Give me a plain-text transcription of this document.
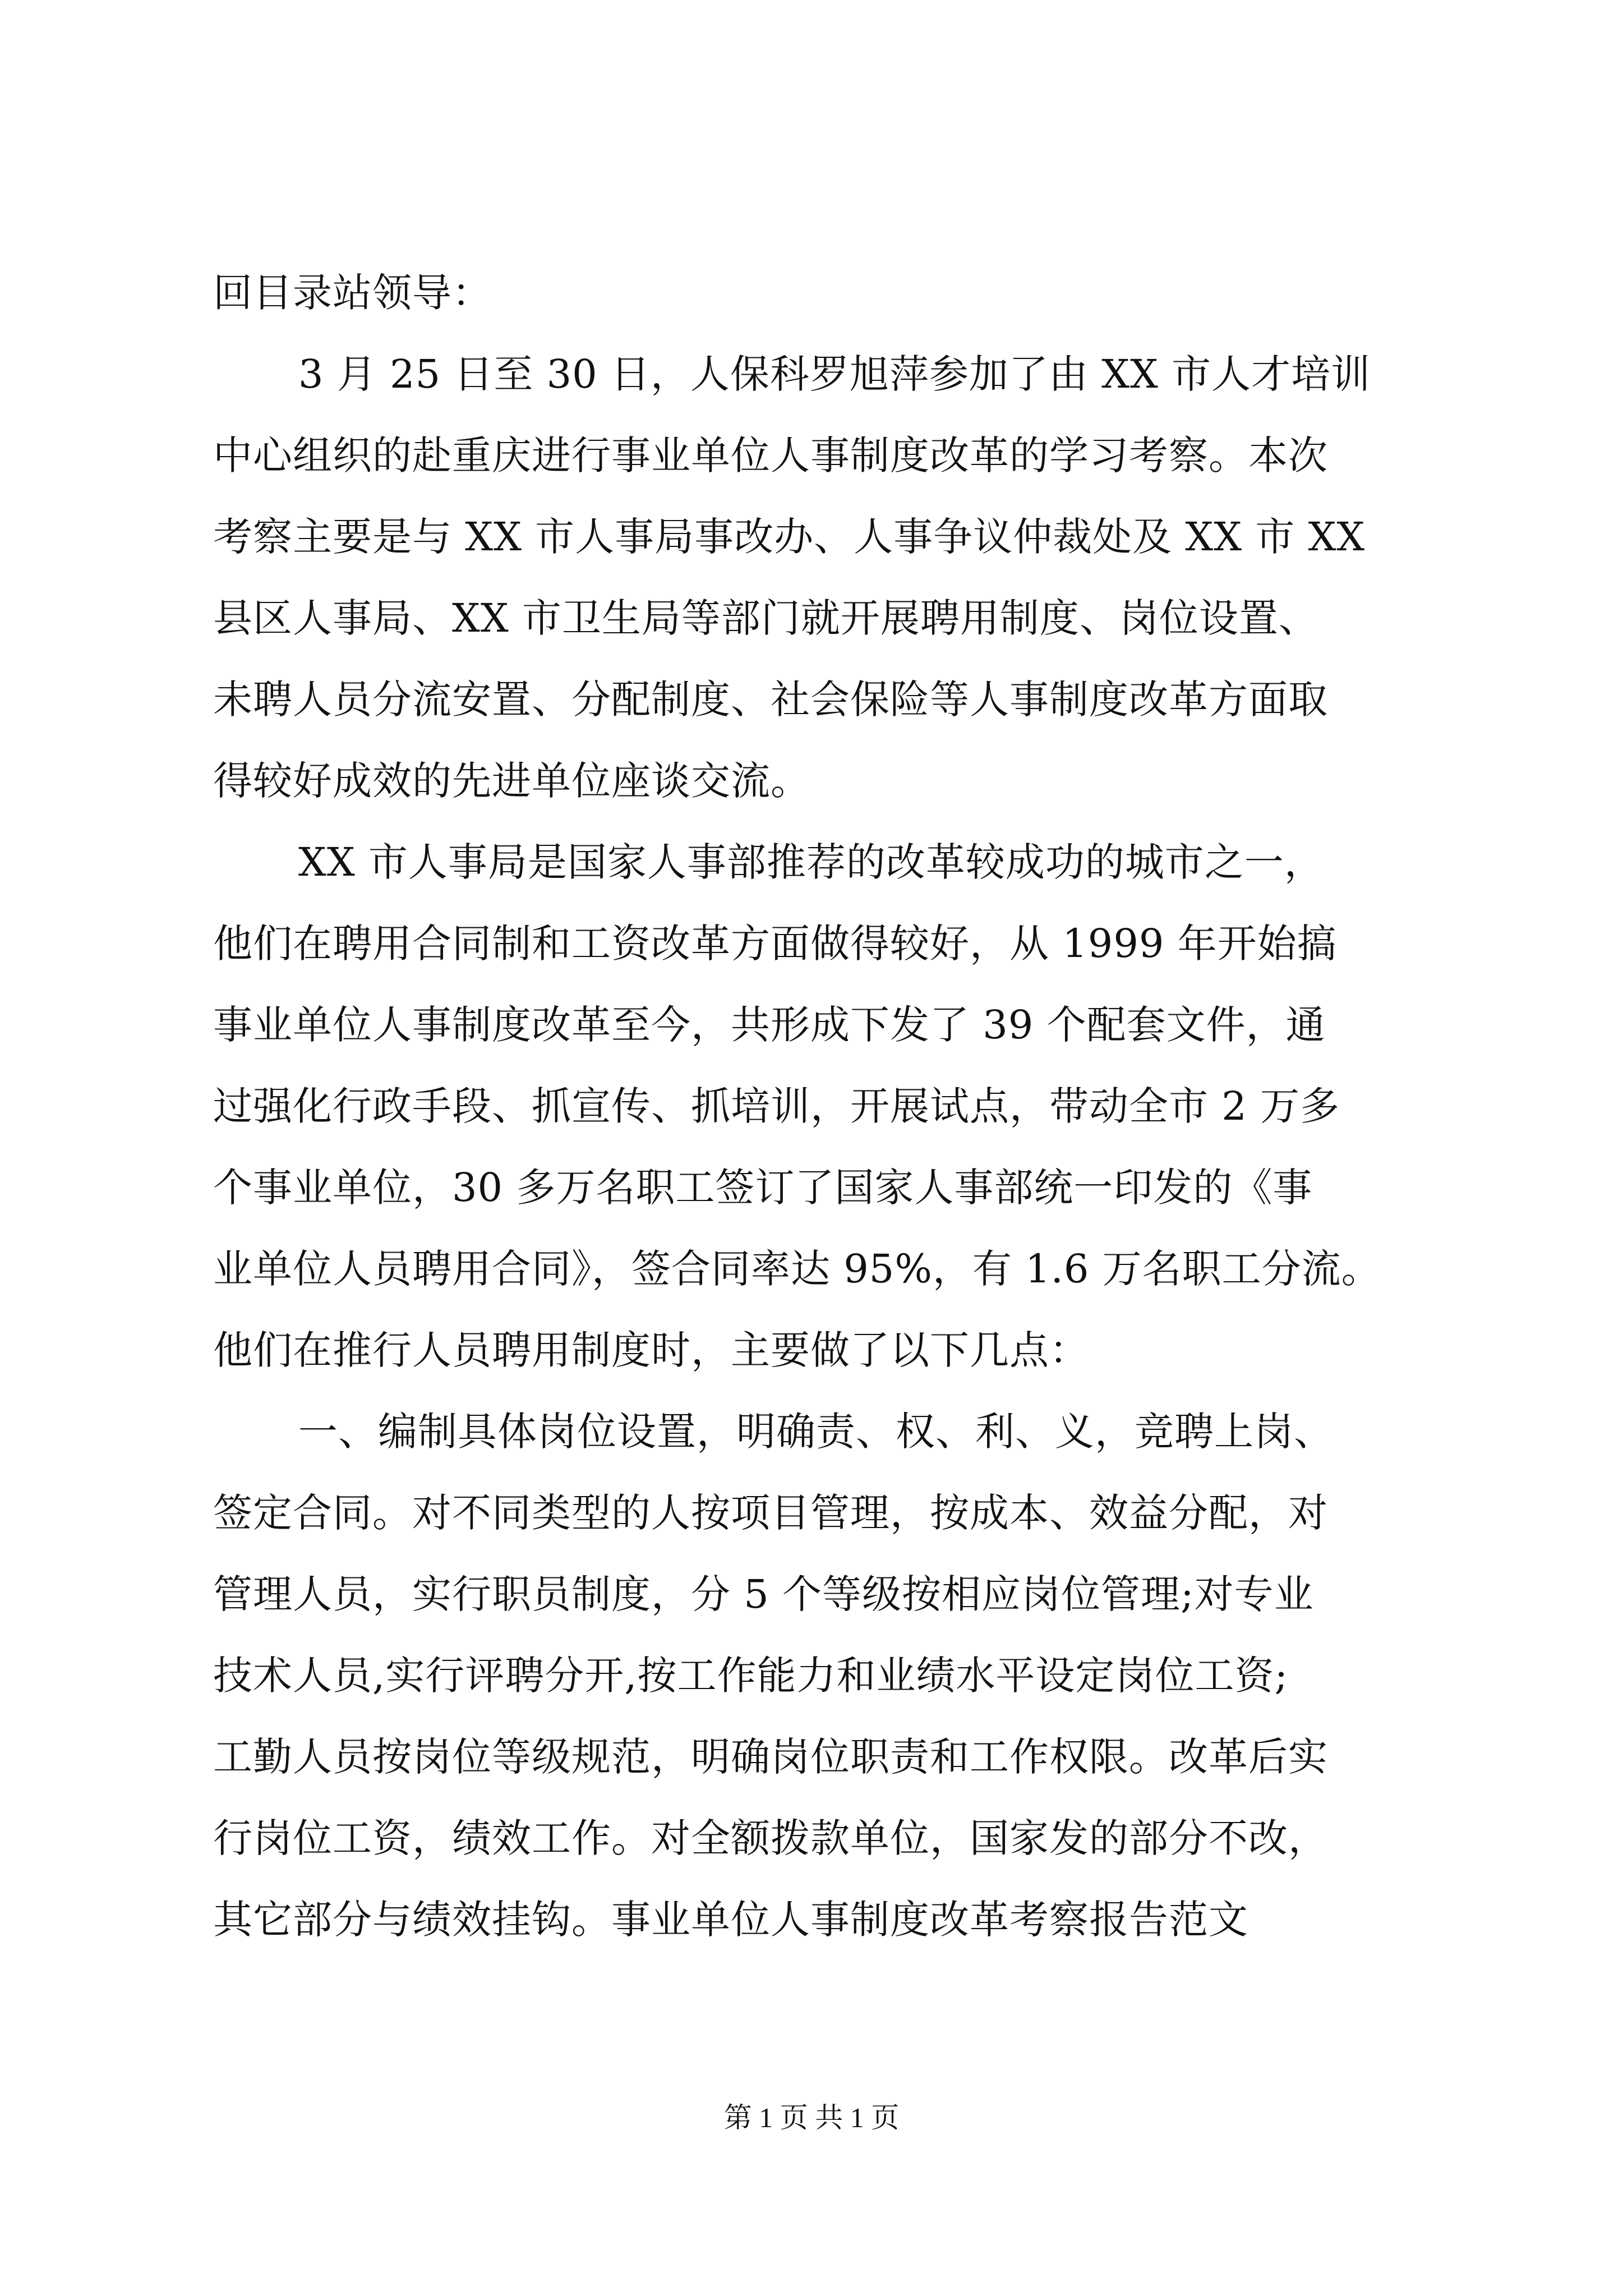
回目录站领导：
3 月 25 日至 30 日，人保科罗旭萍参加了由 XX 市人才培训
中心组织的赴重庆进行事业单位人事制度改革的学习考察。本次
考察主要是与 XX 市人事局事改办、人事争议仲裁处及 XX 市 XX
县区人事局、XX 市卫生局等部门就开展聘用制度、岗位设置、
未聘人员分流安置、分配制度、社会保险等人事制度改革方面取
得较好成效的先进单位座谈交流。
XX 市人事局是国家人事部推荐的改革较成功的城市之一，
他们在聘用合同制和工资改革方面做得较好，从 1999 年开始搞
事业单位人事制度改革至今，共形成下发了 39 个配套文件，通
过强化行政手段、抓宣传、抓培训，开展试点，带动全市 2 万多
个事业单位，30 多万名职工签订了国家人事部统一印发的《事
业单位人员聘用合同》，签合同率达 95%，有 1.6 万名职工分流。
他们在推行人员聘用制度时，主要做了以下几点：
一、编制具体岗位设置，明确责、权、利、义，竞聘上岗、
签定合同。对不同类型的人按项目管理，按成本、效益分配，对
管理人员，实行职员制度，分 5 个等级按相应岗位管理;对专业
技术人员,实行评聘分开,按工作能力和业绩水平设定岗位工资;
工勤人员按岗位等级规范，明确岗位职责和工作权限。改革后实
行岗位工资，绩效工作。对全额拨款单位，国家发的部分不改，
其它部分与绩效挂钩。事业单位人事制度改革考察报告范文
第 1 页 共 1 页
